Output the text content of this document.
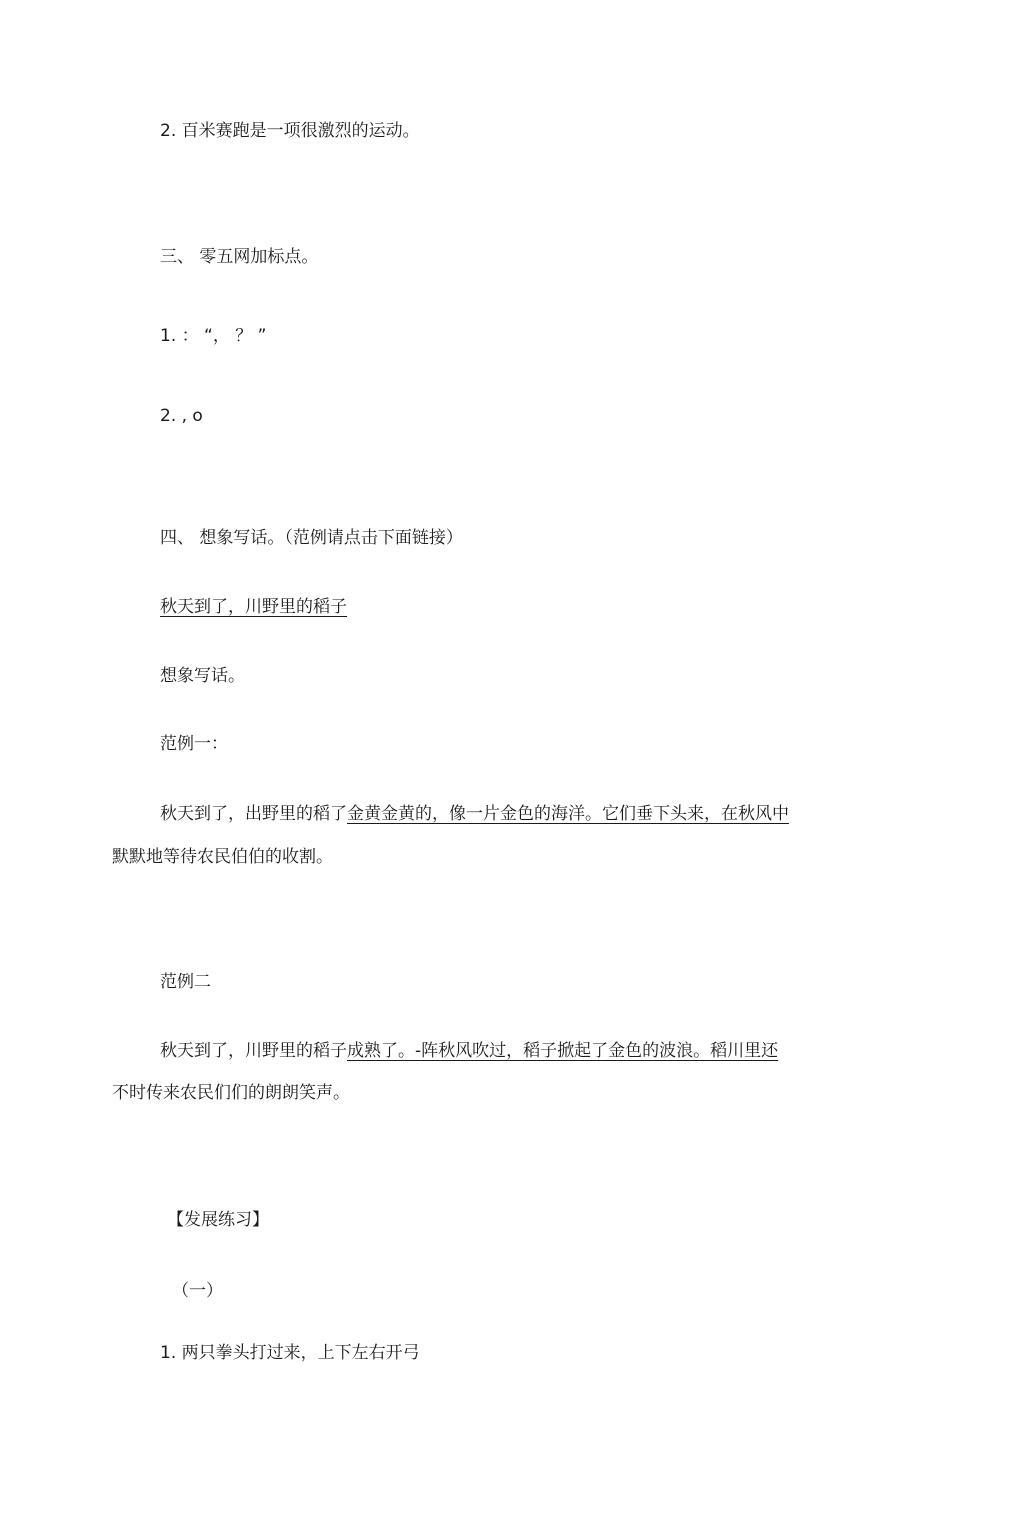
2. 百米赛跑是一项很激烈的运动。
三、 零五网加标点。
1. ： “， ？ ”
2. , o
四、 想象写话。（范例请点击下面链接）
秋天到了，川野里的稻子
想象写话。
范例一：
秋天到了，出野里的稻了金黄金黄的，像一片金色的海洋。它们垂下头来，在秋风中
默默地等待农民伯伯的收割。
范例二
秋天到了，川野里的稻子成熟了。-阵秋风吹过，稻子掀起了金色的波浪。稻川里还
不时传来农民们们的朗朗笑声。
【发展练习】
（一）
1. 两只拳头打过来，上下左右开弓
